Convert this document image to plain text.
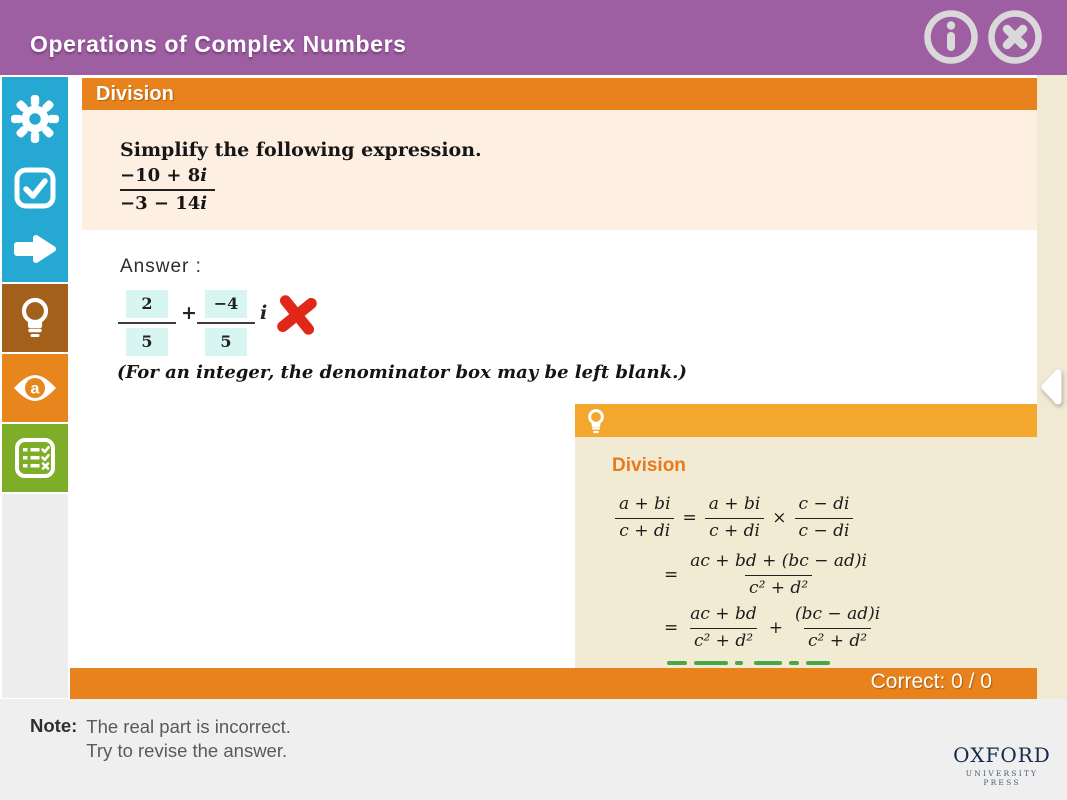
Operations of Complex Numbers
a
Division
Simplify the following expression.
$\frac{-10 + 8i}{-3 - 14i}$
Answer :
2
5
+	−4
5
i
(For an integer, the denominator box may be left blank.)
Division
$\frac{a + bi}{c + di} = \frac{a + bi}{c + di} \times \frac{c - di}{c - di}$
= $\frac{ac + bd + (bc - ad)i}{\text{c² + d²}}$
= $\frac{ac + bd}{\text{c² + d²}} + \frac{(bc - ad)i}{\text{c² + d²}}$

Correct: 0 / 0
Note: The real part is incorrect.
Try to revise the answer.	OXFORD
UNIVERSITY PRESS
